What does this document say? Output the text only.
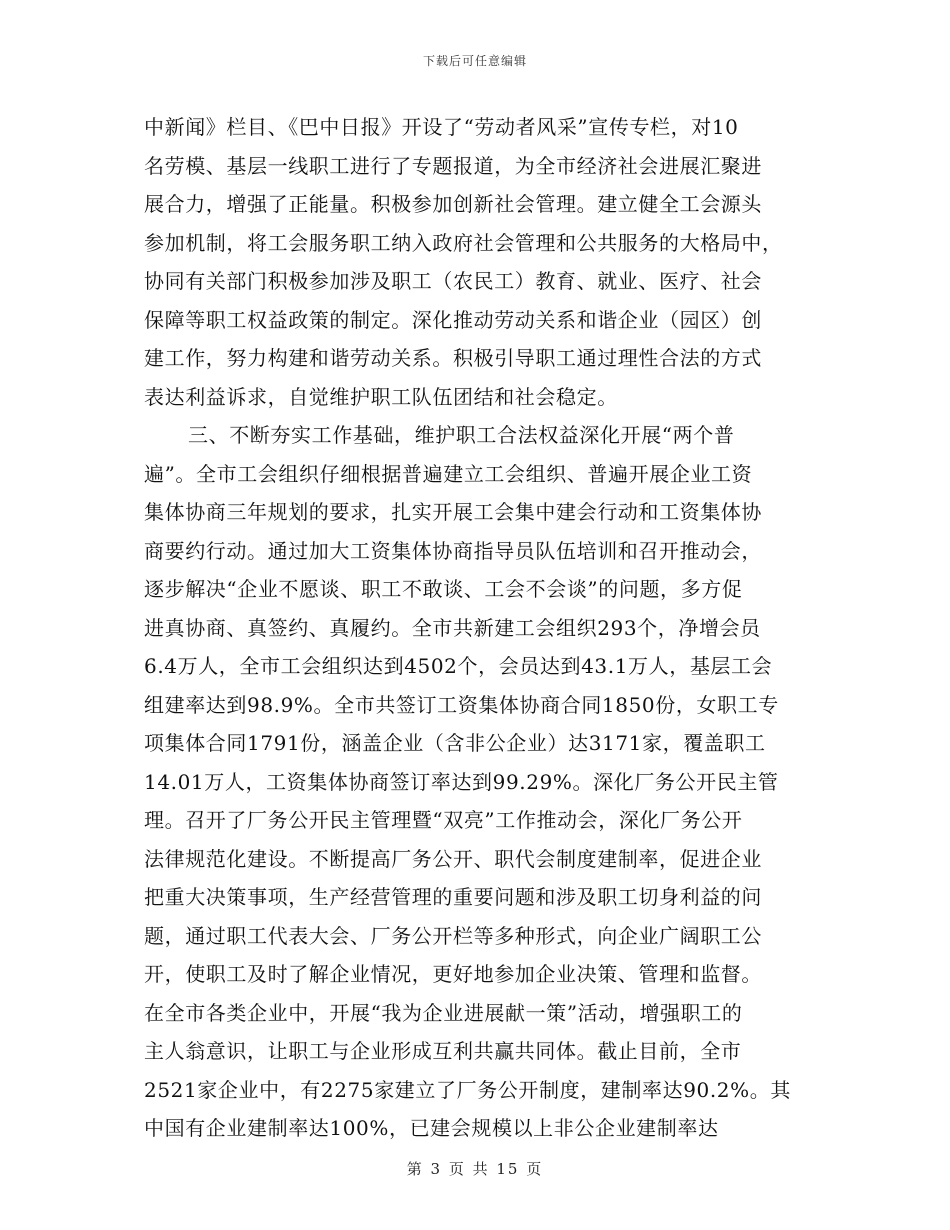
下载后可任意编辑
中新闻》栏目、《巴中日报》开设了“劳动者风采”宣传专栏，对10
名劳模、基层一线职工进行了专题报道，为全市经济社会进展汇聚进
展合力，增强了正能量。积极参加创新社会管理。建立健全工会源头
参加机制，将工会服务职工纳入政府社会管理和公共服务的大格局中，
协同有关部门积极参加涉及职工（农民工）教育、就业、医疗、社会
保障等职工权益政策的制定。深化推动劳动关系和谐企业（园区）创
建工作，努力构建和谐劳动关系。积极引导职工通过理性合法的方式
表达利益诉求，自觉维护职工队伍团结和社会稳定。
三、不断夯实工作基础，维护职工合法权益深化开展“两个普
遍”。全市工会组织仔细根据普遍建立工会组织、普遍开展企业工资
集体协商三年规划的要求，扎实开展工会集中建会行动和工资集体协
商要约行动。通过加大工资集体协商指导员队伍培训和召开推动会，
逐步解决“企业不愿谈、职工不敢谈、工会不会谈”的问题，多方促
进真协商、真签约、真履约。全市共新建工会组织293个，净增会员
6.4万人，全市工会组织达到4502个，会员达到43.1万人，基层工会
组建率达到98.9%。全市共签订工资集体协商合同1850份，女职工专
项集体合同1791份，涵盖企业（含非公企业）达3171家，覆盖职工
14.01万人，工资集体协商签订率达到99.29%。深化厂务公开民主管
理。召开了厂务公开民主管理暨“双亮”工作推动会，深化厂务公开
法律规范化建设。不断提高厂务公开、职代会制度建制率，促进企业
把重大决策事项，生产经营管理的重要问题和涉及职工切身利益的问
题，通过职工代表大会、厂务公开栏等多种形式，向企业广阔职工公
开，使职工及时了解企业情况，更好地参加企业决策、管理和监督。
在全市各类企业中，开展“我为企业进展献一策”活动，增强职工的
主人翁意识，让职工与企业形成互利共赢共同体。截止目前，全市
2521家企业中，有2275家建立了厂务公开制度，建制率达90.2%。其
中国有企业建制率达100%，已建会规模以上非公企业建制率达
第 3 页 共 15 页
